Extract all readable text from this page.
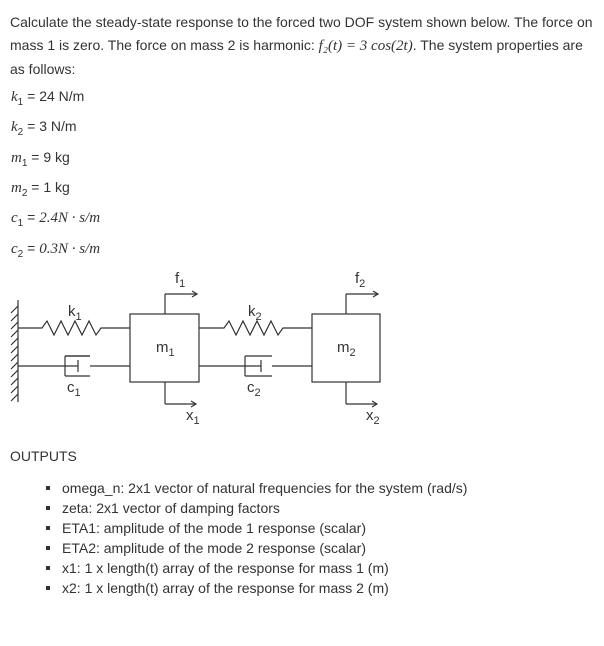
Calculate the steady-state response to the forced two DOF system shown below. The force on mass 1 is zero. The force on mass 2 is harmonic: f₂(t) = 3 cos(2t). The system properties are as follows:

$k_1 = 24$ N/m
$k_2 = 3$ N/m
$m_1 = 9$ kg
$m_2 = 1$ kg
$c_1 = 2.4N \cdot s/m$
$c_2 = 0.3N \cdot s/m$
$f_1$	$f_2$
$k_1$	$k_2$
$m_1$	$m_2$
$c_1$	$c_2$
$x_1$	$x_2$

OUTPUTS

omega_n: 2x1 vector of natural frequencies for the system (rad/s)
zeta: 2x1 vector of damping factors
ETA1: amplitude of the mode 1 response (scalar)
ETA2: amplitude of the mode 2 response (scalar)
x1: 1 x length(t) array of the response for mass 1 (m)
x2: 1 x length(t) array of the response for mass 2 (m)
